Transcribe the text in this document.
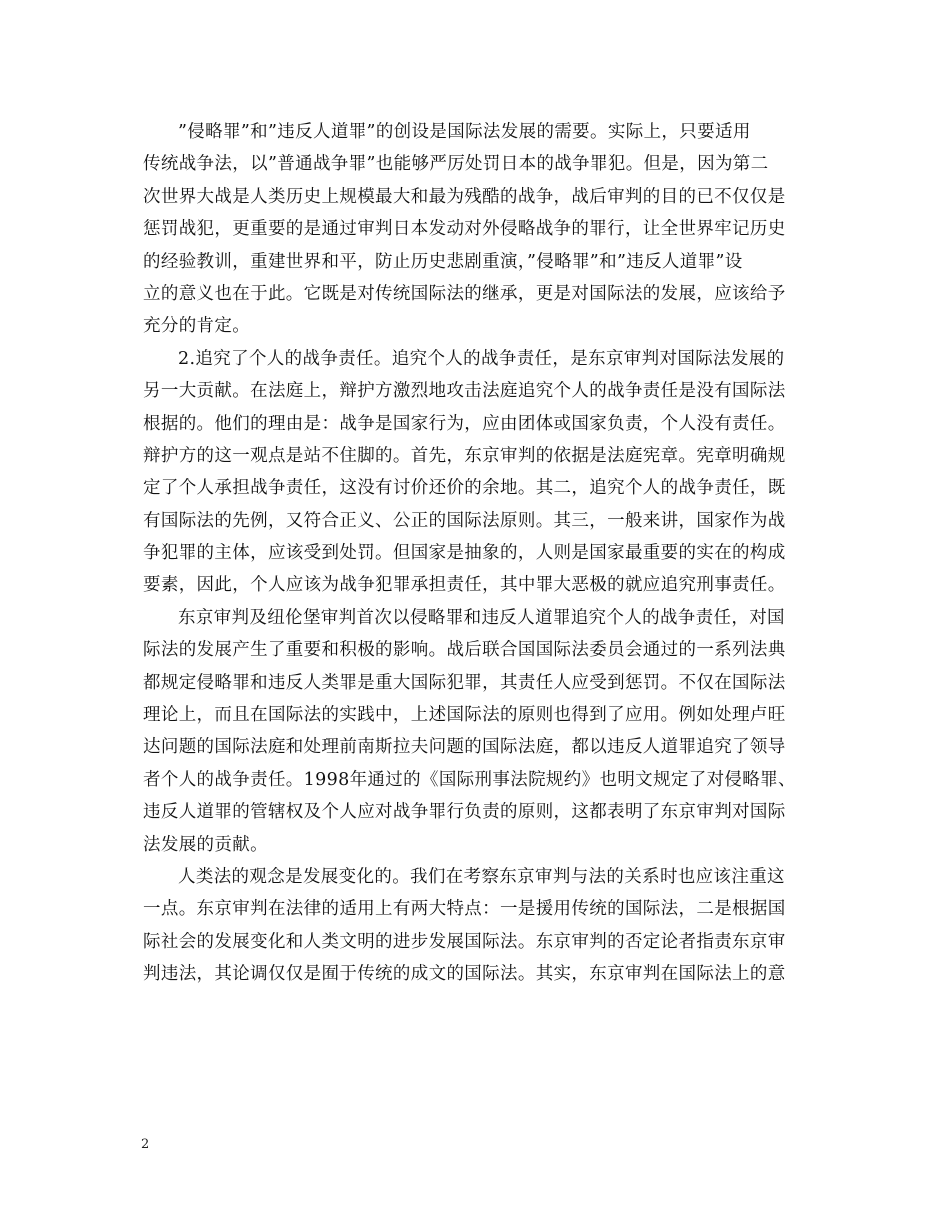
”侵略罪”和”违反人道罪”的创设是国际法发展的需要。实际上，只要适用
传统战争法，以”普通战争罪”也能够严厉处罚日本的战争罪犯。但是，因为第二
次世界大战是人类历史上规模最大和最为残酷的战争，战后审判的目的已不仅仅是
惩罚战犯，更重要的是通过审判日本发动对外侵略战争的罪行，让全世界牢记历史
的经验教训，重建世界和平，防止历史悲剧重演，”侵略罪”和”违反人道罪”设
立的意义也在于此。它既是对传统国际法的继承，更是对国际法的发展，应该给予
充分的肯定。
2.追究了个人的战争责任。追究个人的战争责任，是东京审判对国际法发展的
另一大贡献。在法庭上，辩护方激烈地攻击法庭追究个人的战争责任是没有国际法
根据的。他们的理由是：战争是国家行为，应由团体或国家负责，个人没有责任。
辩护方的这一观点是站不住脚的。首先，东京审判的依据是法庭宪章。宪章明确规
定了个人承担战争责任，这没有讨价还价的余地。其二，追究个人的战争责任，既
有国际法的先例，又符合正义、公正的国际法原则。其三，一般来讲，国家作为战
争犯罪的主体，应该受到处罚。但国家是抽象的，人则是国家最重要的实在的构成
要素，因此，个人应该为战争犯罪承担责任，其中罪大恶极的就应追究刑事责任。
东京审判及纽伦堡审判首次以侵略罪和违反人道罪追究个人的战争责任，对国
际法的发展产生了重要和积极的影响。战后联合国国际法委员会通过的一系列法典
都规定侵略罪和违反人类罪是重大国际犯罪，其责任人应受到惩罚。不仅在国际法
理论上，而且在国际法的实践中，上述国际法的原则也得到了应用。例如处理卢旺
达问题的国际法庭和处理前南斯拉夫问题的国际法庭，都以违反人道罪追究了领导
者个人的战争责任。1998年通过的《国际刑事法院规约》也明文规定了对侵略罪、
违反人道罪的管辖权及个人应对战争罪行负责的原则，这都表明了东京审判对国际
法发展的贡献。
人类法的观念是发展变化的。我们在考察东京审判与法的关系时也应该注重这
一点。东京审判在法律的适用上有两大特点：一是援用传统的国际法，二是根据国
际社会的发展变化和人类文明的进步发展国际法。东京审判的否定论者指责东京审
判违法，其论调仅仅是囿于传统的成文的国际法。其实，东京审判在国际法上的意
2
